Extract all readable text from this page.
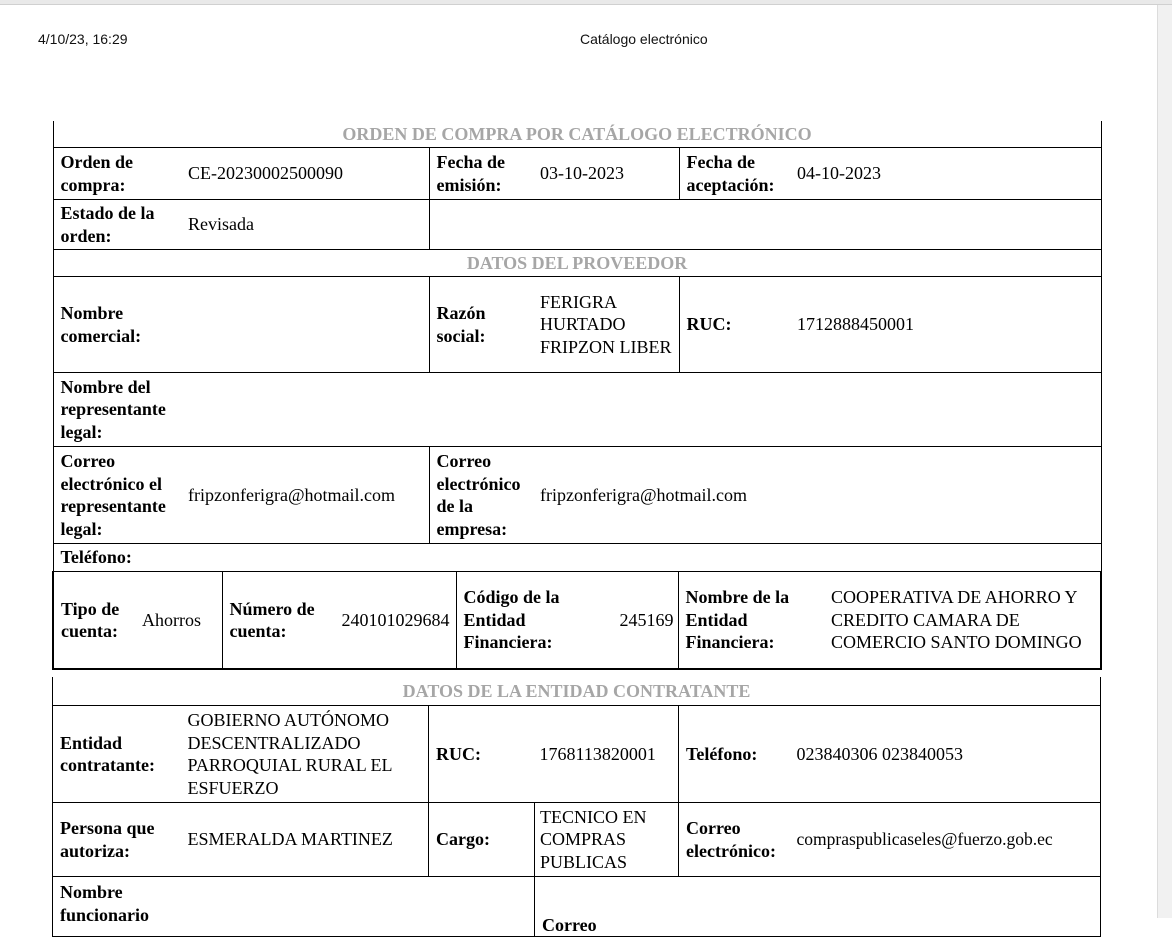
4/10/23, 16:29	Catálogo electrónico
ORDEN DE COMPRA POR CATÁLOGO ELECTRÓNICO
Orden de compra:	CE-20230002500090	Fecha de emisión:	03-10-2023	Fecha de aceptación:	04-10-2023
Estado de la orden:	Revisada	
DATOS DEL PROVEEDOR
Nombre comercial:		Razón social:	FERIGRA HURTADO FRIPZON LIBER	RUC:	1712888450001
Nombre del representante legal:	
Correo electrónico el representante legal:	fripzonferigra@hotmail.com	Correo electrónico de la empresa:	fripzonferigra@hotmail.com
Teléfono:	

Tipo de cuenta:	Ahorros	Número de cuenta:	240101029684	Código de la Entidad Financiera:	245169	Nombre de la Entidad Financiera:	COOPERATIVA DE AHORRO Y CREDITO CAMARA DE COMERCIO SANTO DOMINGO
DATOS DE LA ENTIDAD CONTRATANTE					
Entidad contratante:	GOBIERNO AUTÓNOMO DESCENTRALIZADO PARROQUIAL RURAL EL ESFUERZO	RUC:	1768113820001	Teléfono:	023840306 023840053
Persona que autoriza:	ESMERALDA MARTINEZ	Cargo:	TECNICO EN COMPRAS PUBLICAS	Correo electrónico:	compraspublicaseles@fuerzo.gob.ec
Nombre funcionario			Correo		
